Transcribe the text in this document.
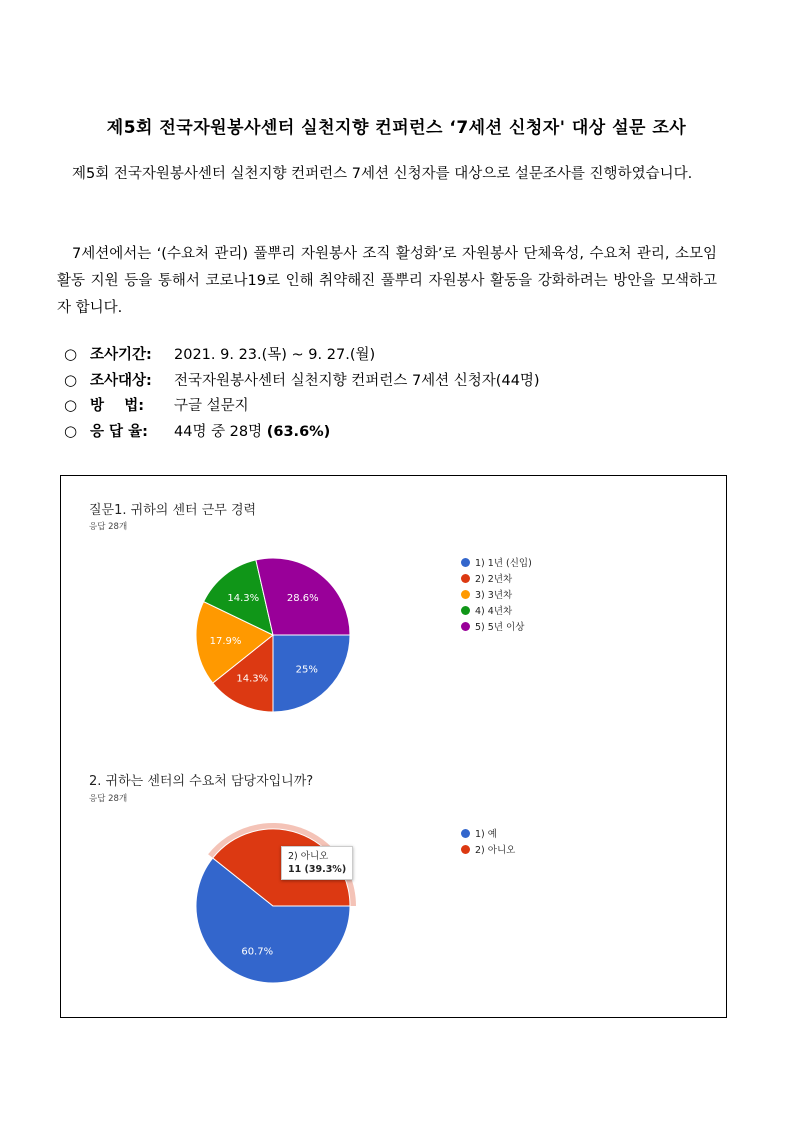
제5회 전국자원봉사센터 실천지향 컨퍼런스 ‘7세션 신청자' 대상 설문 조사
제5회 전국자원봉사센터 실천지향 컨퍼런스 7세션 신청자를 대상으로 설문조사를 진행하였습니다.
7세션에서는 ‘(수요처 관리) 풀뿌리 자원봉사 조직 활성화’로 자원봉사 단체육성, 수요처 관리, 소모임 활동 지원 등을 통해서 코로나19로 인해 취약해진 풀뿌리 자원봉사 활동을 강화하려는 방안을 모색하고자 합니다.
○ 조사기간: 2021. 9. 23.(목) ~ 9. 27.(월)
○ 조사대상: 전국자원봉사센터 실천지향 컨퍼런스 7세션 신청자(44명)
○ 방    법: 구글 설문지
○ 응 답 율: 44명 중 28명 (63.6%)
질문1. 귀하의 센터 근무 경력
응답 28개
25%
14.3%
17.9%
14.3%	28.6%
1) 1년 (신입)
2) 2년차
3) 3년차
4) 4년차
5) 5년 이상
2. 귀하는 센터의 수요처 담당자입니까?
응답 28개
60.7%
1) 예
2) 아니오
2) 아니오
11 (39.3%)
